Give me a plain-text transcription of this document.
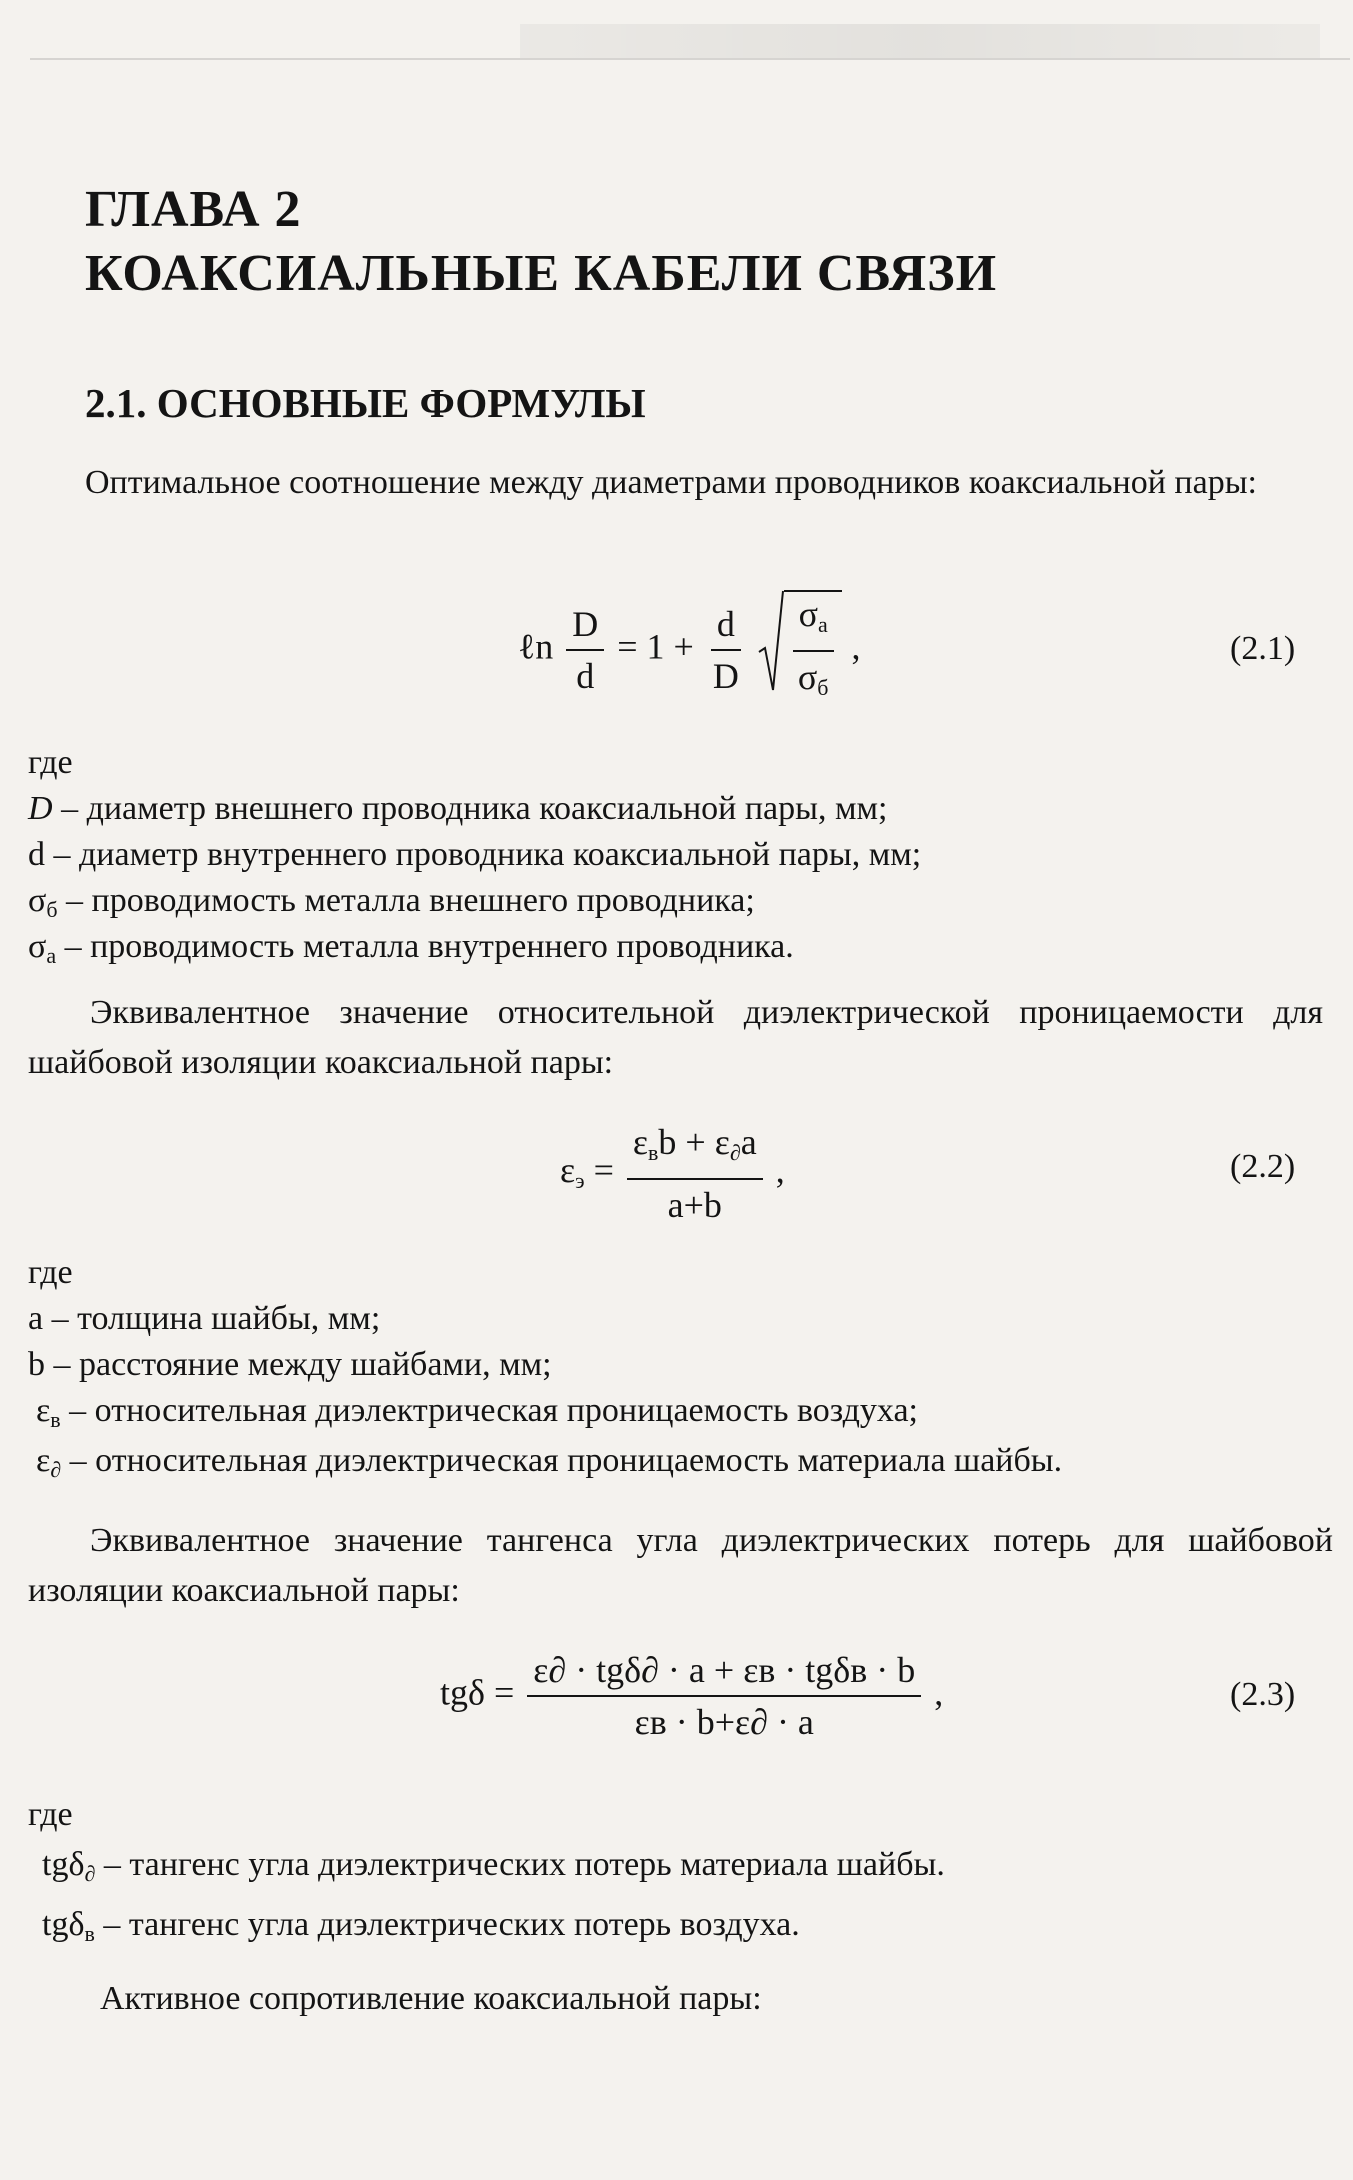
ГЛАВА 2
КОАКСИАЛЬНЫЕ КАБЕЛИ СВЯЗИ
2.1. ОСНОВНЫЕ ФОРМУЛЫ

Оптимальное соотношение между диаметрами проводников коаксиальной пары:

ℓn $\frac{D}{d} = 1 + \frac{d}{D}$
$\frac{\sigma_а}{\sigma_б}$ ,	(2.1)
где
D – диаметр внешнего проводника коаксиальной пары, мм;
d – диаметр внутреннего проводника коаксиальной пары, мм;
$\sigma_б$ – проводимость металла внешнего проводника;
$\sigma_а$ – проводимость металла внутреннего проводника.

Эквивалентное значение относительной диэлектрической проницаемости для шайбовой изоляции коаксиальной пары:

$\varepsilon_э = \frac{\varepsilon_вb + \varepsilon_\partial a}{a+b}$ ,	(2.2)
где
a – толщина шайбы, мм;
b – расстояние между шайбами, мм;
$\varepsilon_в$ – относительная диэлектрическая проницаемость воздуха;
$\varepsilon_\partial$ – относительная диэлектрическая проницаемость материала шайбы.

Эквивалентное значение тангенса угла диэлектрических потерь для шайбовой изоляции коаксиальной пары:

$tg\delta = \frac{\text{ε∂ · tgδ∂ · a + εв · tgδв · b}}{\varepsilon в \cdot b+\varepsilon\partial \cdot a}$ ,	(2.3)
где
tgδ$_\partial$ – тангенс угла диэлектрических потерь материала шайбы.
tgδ$_в$ – тангенс угла диэлектрических потерь воздуха.
Активное сопротивление коаксиальной пары:
